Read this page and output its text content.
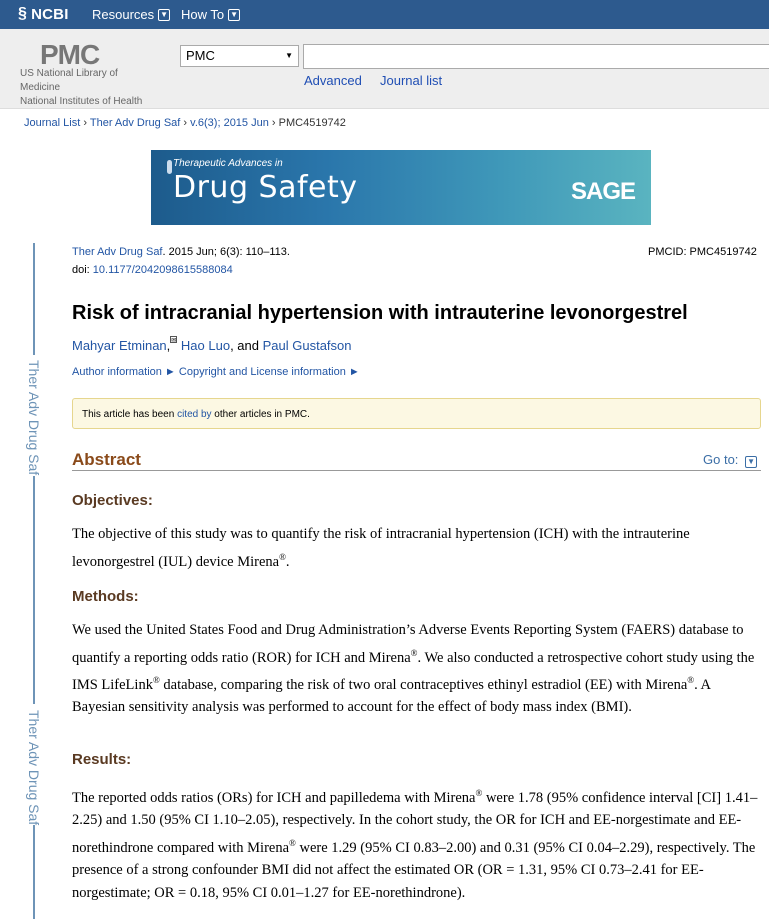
§ NCBI Resources ▼ How To ▼
PMC
US National Library of Medicine
National Institutes of Health
PMC	▼
Advanced Journal list
Journal List › Ther Adv Drug Saf › v.6(3); 2015 Jun › PMC4519742
Therapeutic Advances in
Drug Safety	SAGE
Ther Adv Drug Saf
Ther Adv Drug Saf
Ther Adv Drug Saf. 2015 Jun; 6(3): 110–113.
doi: 10.1177/2042098615588084
PMCID: PMC4519742
Risk of intracranial hypertension with intrauterine levonorgestrel
Mahyar Etminan,✉ Hao Luo, and Paul Gustafson
Author information ► Copyright and License information ►
This article has been cited by other articles in PMC.
Abstract	Go to: ▼
Objectives:
The objective of this study was to quantify the risk of intracranial hypertension (ICH) with the intrauterine levonorgestrel (IUL) device Mirena®.
Methods:
We used the United States Food and Drug Administration’s Adverse Events Reporting System (FAERS) database to quantify a reporting odds ratio (ROR) for ICH and Mirena®. We also conducted a retrospective cohort study using the IMS LifeLink® database, comparing the risk of two oral contraceptives ethinyl estradiol (EE) with Mirena®. A Bayesian sensitivity analysis was performed to account for the effect of body mass index (BMI).
Results:
The reported odds ratios (ORs) for ICH and papilledema with Mirena® were 1.78 (95% confidence interval [CI] 1.41–2.25) and 1.50 (95% CI 1.10–2.05), respectively. In the cohort study, the OR for ICH and EE-norgestimate and EE-norethindrone compared with Mirena® were 1.29 (95% CI 0.83–2.00) and 0.31 (95% CI 0.04–2.29), respectively. The presence of a strong confounder BMI did not affect the estimated OR (OR = 1.31, 95% CI 0.73–2.41 for EE-norgestimate; OR = 0.18, 95% CI 0.01–1.27 for EE-norethindrone).
